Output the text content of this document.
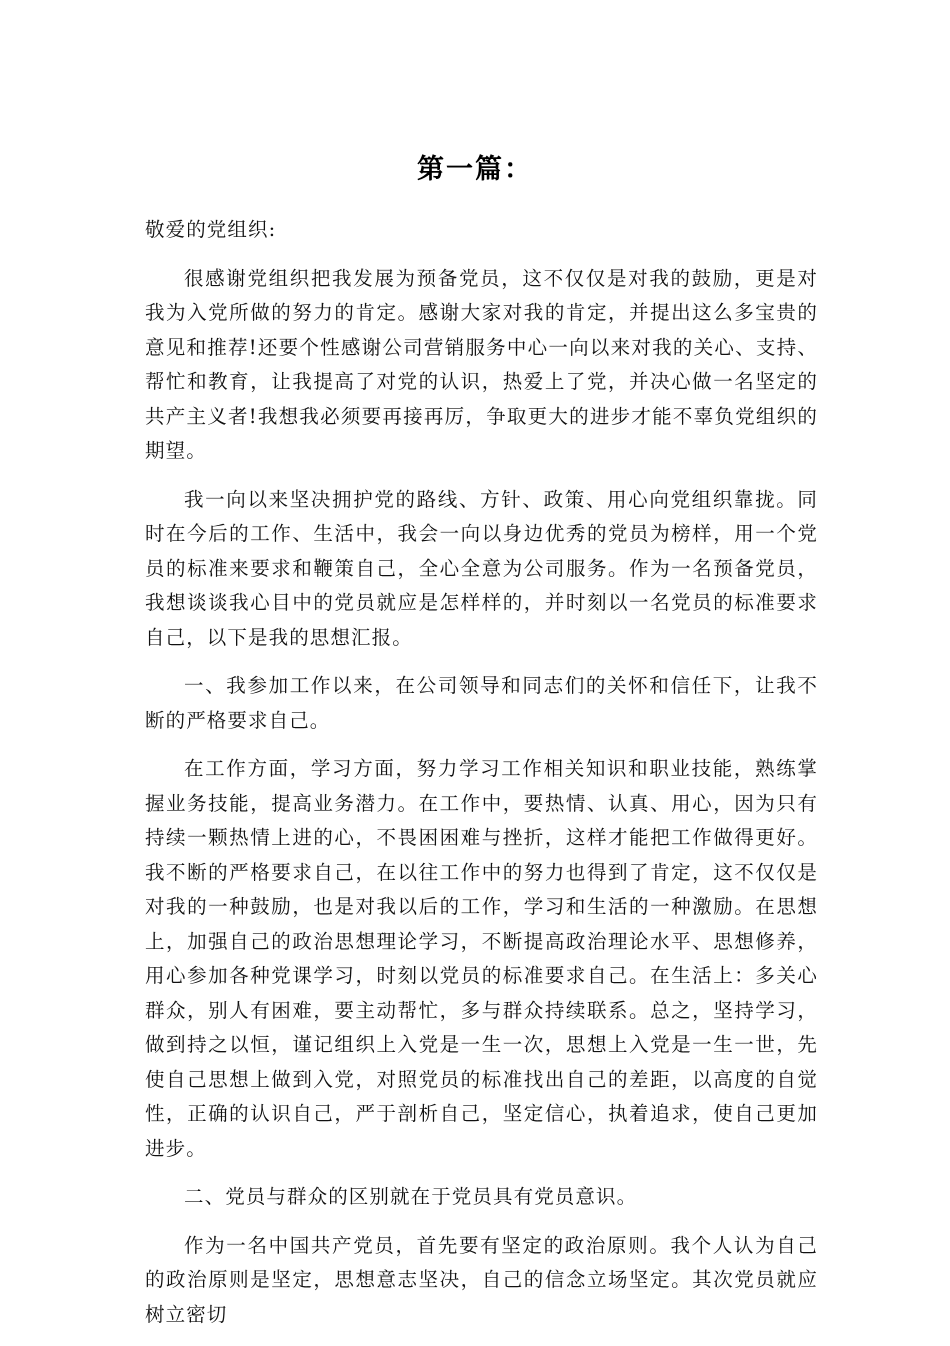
第一篇：

敬爱的党组织:

很感谢党组织把我发展为预备党员，这不仅仅是对我的鼓励，更是对我为入党所做的努力的肯定。感谢大家对我的肯定，并提出这么多宝贵的意见和推荐!还要个性感谢公司营销服务中心一向以来对我的关心、支持、帮忙和教育，让我提高了对党的认识，热爱上了党，并决心做一名坚定的共产主义者!我想我必须要再接再厉，争取更大的进步才能不辜负党组织的期望。

我一向以来坚决拥护党的路线、方针、政策、用心向党组织靠拢。同时在今后的工作、生活中，我会一向以身边优秀的党员为榜样，用一个党员的标准来要求和鞭策自己，全心全意为公司服务。作为一名预备党员，我想谈谈我心目中的党员就应是怎样样的，并时刻以一名党员的标准要求自己，以下是我的思想汇报。

一、我参加工作以来，在公司领导和同志们的关怀和信任下，让我不断的严格要求自己。

在工作方面，学习方面，努力学习工作相关知识和职业技能，熟练掌握业务技能，提高业务潜力。在工作中，要热情、认真、用心，因为只有持续一颗热情上进的心，不畏困困难与挫折，这样才能把工作做得更好。我不断的严格要求自己，在以往工作中的努力也得到了肯定，这不仅仅是对我的一种鼓励，也是对我以后的工作，学习和生活的一种激励。在思想上，加强自己的政治思想理论学习，不断提高政治理论水平、思想修养，用心参加各种党课学习，时刻以党员的标准要求自己。在生活上：多关心群众，别人有困难，要主动帮忙，多与群众持续联系。总之，坚持学习，做到持之以恒，谨记组织上入党是一生一次，思想上入党是一生一世，先使自己思想上做到入党，对照党员的标准找出自己的差距，以高度的自觉性，正确的认识自己，严于剖析自己，坚定信心，执着追求，使自己更加进步。

二、党员与群众的区别就在于党员具有党员意识。

作为一名中国共产党员，首先要有坚定的政治原则。我个人认为自己的政治原则是坚定，思想意志坚决，自己的信念立场坚定。其次党员就应树立密切
